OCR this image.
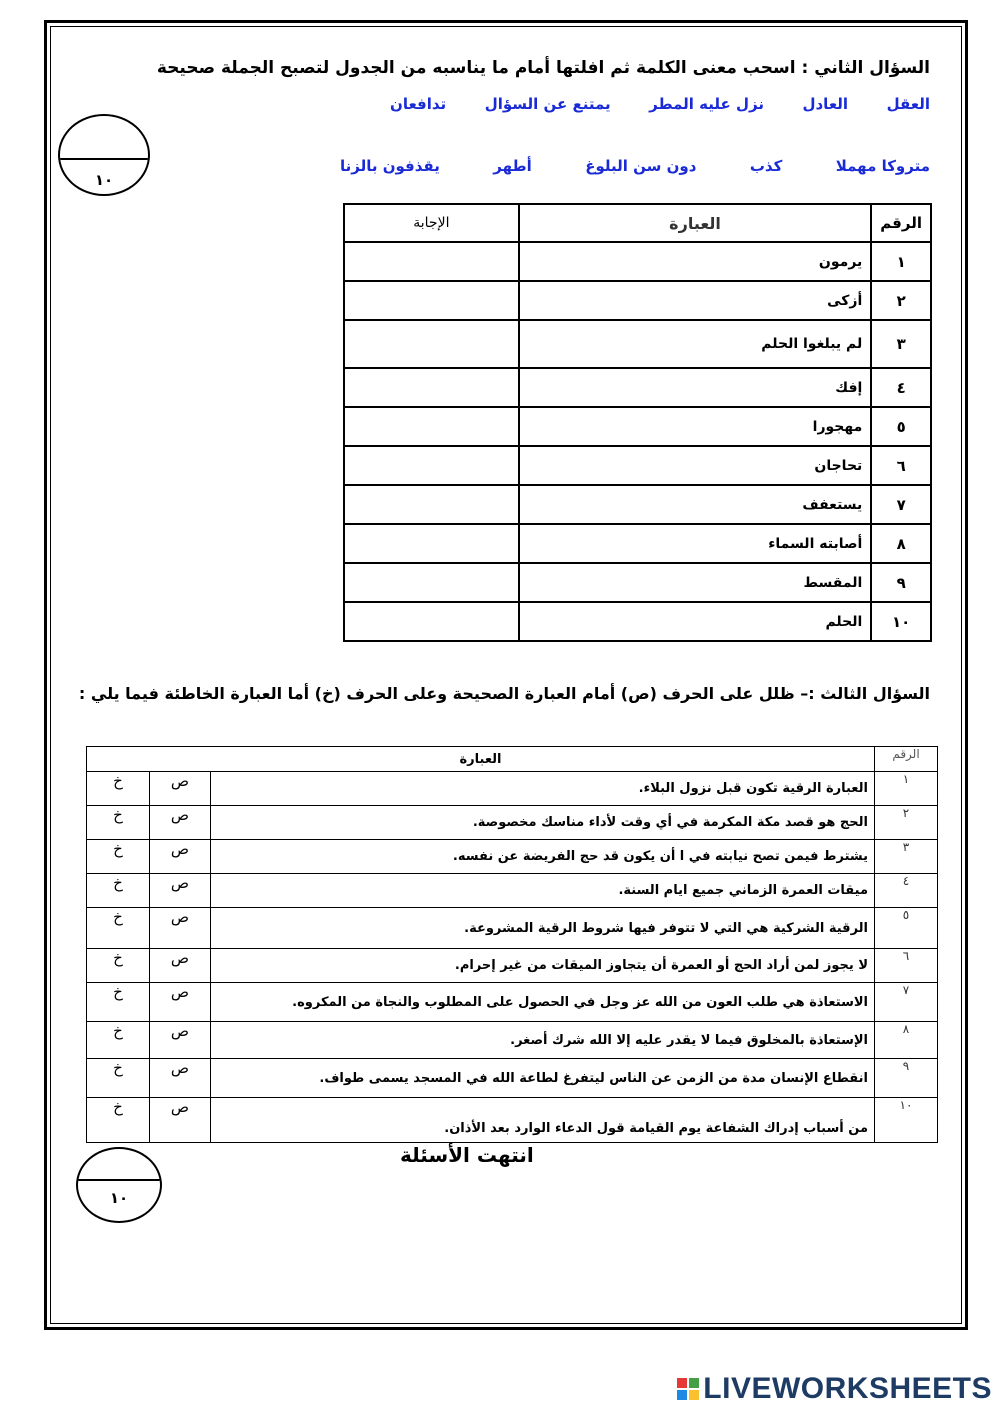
السؤال الثاني : اسحب معنى الكلمة ثم افلتها أمام ما يناسبه من الجدول لتصبح الجملة صحيحة
العقل
العادل
نزل عليه المطر
يمتنع عن السؤال
تدافعان
متروكا مهملا
كذب
دون سن البلوغ
أطهر
يقذفون بالزنا
١٠
الرقم	العبارة	الإجابة
١	يرمون	
٢	أزكى	
٣	لم يبلغوا الحلم	
٤	إفك	
٥	مهجورا	
٦	تحاجان	
٧	يستعفف	
٨	أصابته السماء	
٩	المقسط	
١٠	الحلم	
السؤال الثالث :– ظلل على الحرف (ص) أمام العبارة الصحيحة وعلى الحرف (خ) أما العبارة الخاطئة فيما يلي :
الرقم	العبارة		
١	العبارة الرقية تكون قبل نزول البلاء.	ص	خ
٢	الحج هو قصد مكة المكرمة في أي وقت لأداء مناسك مخصوصة.	ص	خ
٣	يشترط فيمن تصح نيابته في ا أن يكون قد حج الفريضة عن نفسه.	ص	خ
٤	ميقات العمرة الزماني جميع ايام السنة.	ص	خ
٥	الرقية الشركية هي التي لا تتوفر فيها شروط الرقية المشروعة.	ص	خ
٦	لا يجوز لمن أراد الحج أو العمرة أن يتجاوز الميقات من غير إحرام.	ص	خ
٧	الاستعاذة هي طلب العون من الله عز وجل في الحصول على المطلوب والنجاة من المكروه.	ص	خ
٨	الإستعاذة بالمخلوق فيما لا يقدر عليه إلا الله شرك أصغر.	ص	خ
٩	انقطاع الإنسان مدة من الزمن عن الناس ليتفرغ لطاعة الله في المسجد يسمى طواف.	ص	خ
١٠	من أسباب إدراك الشفاعة يوم القيامة قول الدعاء الوارد بعد الأذان.	ص	خ
انتهت الأسئلة
١٠
LIVEWORKSHEETS
